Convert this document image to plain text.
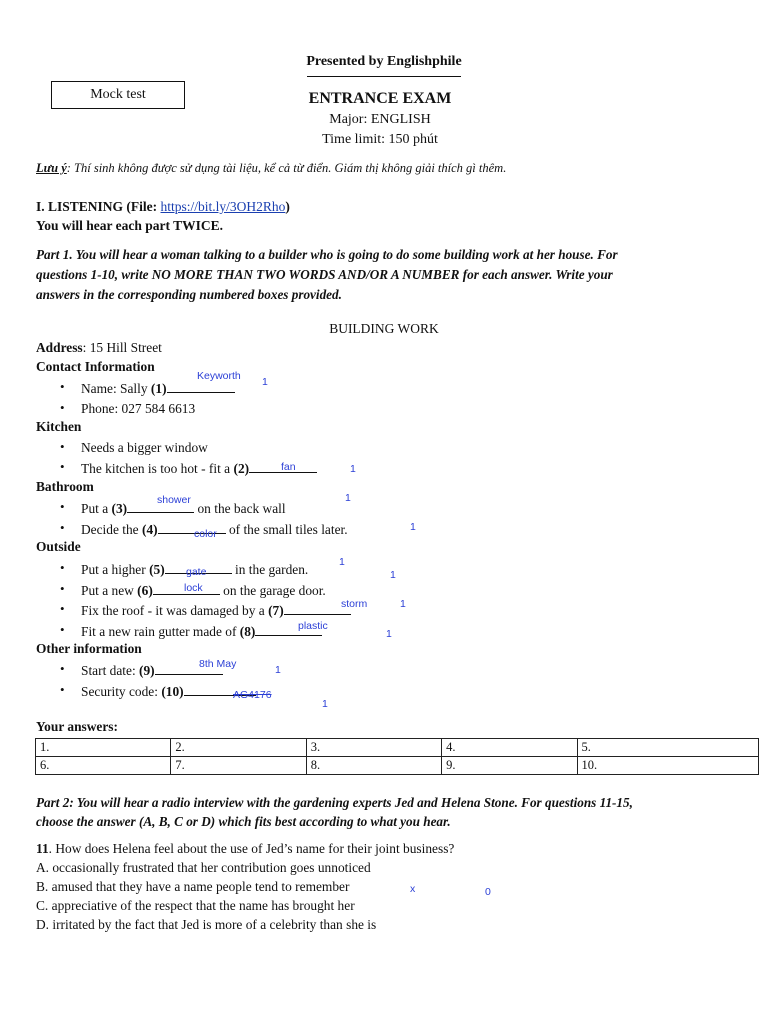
Presented by Englishphile
Mock test	ENTRANCE EXAM
Major: ENGLISH
Time limit: 150 phút
Lưu ý: Thí sinh không được sử dụng tài liệu, kể cả từ điển. Giám thị không giải thích gì thêm.
I. LISTENING (File: https://bit.ly/3OH2Rho)
You will hear each part TWICE.
Part 1. You will hear a woman talking to a builder who is going to do some building work at her house. For
questions 1-10, write NO MORE THAN TWO WORDS AND/OR A NUMBER for each answer. Write your
answers in the corresponding numbered boxes provided.
BUILDING WORK
Address: 15 Hill Street
Contact Information
• Name: Sally (1)
• Phone: 027 584 6613
Kitchen
• Needs a bigger window
• The kitchen is too hot - fit a (2)
Bathroom
• Put a (3)	on the back wall
• Decide the (4)	of the small tiles later.
Outside
• Put a higher (5)	in the garden.
• Put a new (6)	on the garage door.
• Fix the roof - it was damaged by a (7)
• Fit a new rain gutter made of (8)
Other information
• Start date: (9)
• Security code: (10)
Keyworth 1
fan	1
shower	1
color
1
gate
1
1
lock
storm	1
plastic
1
8th May	1
AG4176
1
Your answers:
1.	2.	3.	4.	5.
6.	7.	8.	9.	10.
Part 2: You will hear a radio interview with the gardening experts Jed and Helena Stone. For questions 11-15,
choose the answer (A, B, C or D) which fits best according to what you hear.
11. How does Helena feel about the use of Jed’s name for their joint business?
A. occasionally frustrated that her contribution goes unnoticed
B. amused that they have a name people tend to remember
C. appreciative of the respect that the name has brought her
D. irritated by the fact that Jed is more of a celebrity than she is
x	0
